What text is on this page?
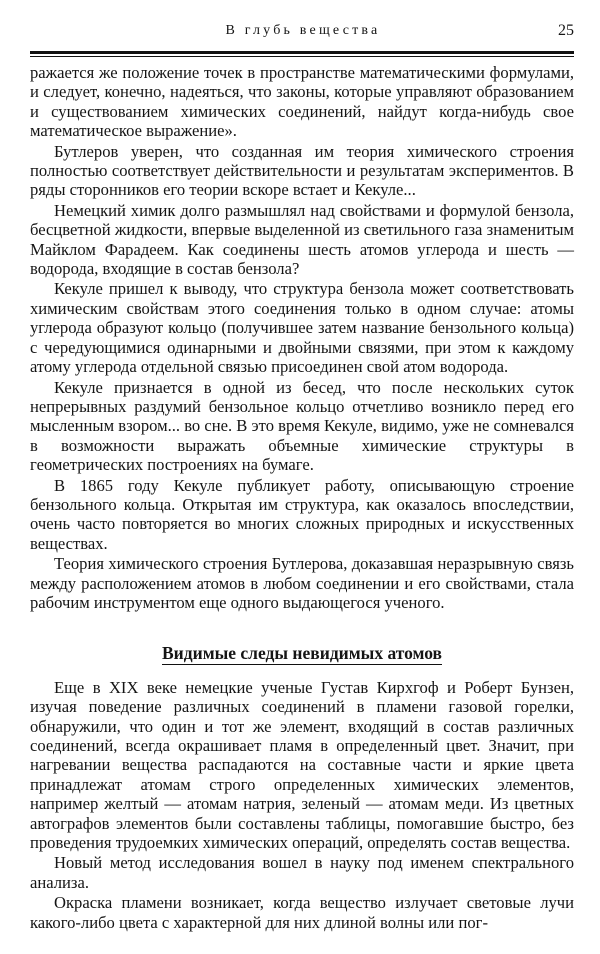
В глубь вещества	25

ражается же положение точек в пространстве математическими формулами, и следует, конечно, надеяться, что законы, которые управляют образованием и существованием химических соединений, найдут когда-нибудь свое математическое выражение».

Бутлеров уверен, что созданная им теория химического строения полностью соответствует действительности и результатам экспериментов. В ряды сторонников его теории вскоре встает и Кекуле...

Немецкий химик долго размышлял над свойствами и формулой бензола, бесцветной жидкости, впервые выделенной из светильного газа знаменитым Майклом Фарадеем. Как соединены шесть атомов углерода и шесть — водорода, входящие в состав бензола?

Кекуле пришел к выводу, что структура бензола может соответствовать химическим свойствам этого соединения только в одном случае: атомы углерода образуют кольцо (получившее затем название бензольного кольца) с чередующимися одинарными и двойными связями, при этом к каждому атому углерода отдельной связью присоединен свой атом водорода.

Кекуле признается в одной из бесед, что после нескольких суток непрерывных раздумий бензольное кольцо отчетливо возникло перед его мысленным взором... во сне. В это время Кекуле, видимо, уже не сомневался в возможности выражать объемные химические структуры в геометрических построениях на бумаге.

В 1865 году Кекуле публикует работу, описывающую строение бензольного кольца. Открытая им структура, как оказалось впоследствии, очень часто повторяется во многих сложных природных и искусственных веществах.

Теория химического строения Бутлерова, доказавшая неразрывную связь между расположением атомов в любом соединении и его свойствами, стала рабочим инструментом еще одного выдающегося ученого.

Видимые следы невидимых атомов

Еще в XIX веке немецкие ученые Густав Кирхгоф и Роберт Бунзен, изучая поведение различных соединений в пламени газовой горелки, обнаружили, что один и тот же элемент, входящий в состав различных соединений, всегда окрашивает пламя в определенный цвет. Значит, при нагревании вещества распадаются на составные части и яркие цвета принадлежат атомам строго определенных химических элементов, например желтый — атомам натрия, зеленый — атомам меди. Из цветных автографов элементов были составлены таблицы, помогавшие быстро, без проведения трудоемких химических операций, определять состав вещества.

Новый метод исследования вошел в науку под именем спектрального анализа.

Окраска пламени возникает, когда вещество излучает световые лучи какого-либо цвета с характерной для них длиной волны или пог-
